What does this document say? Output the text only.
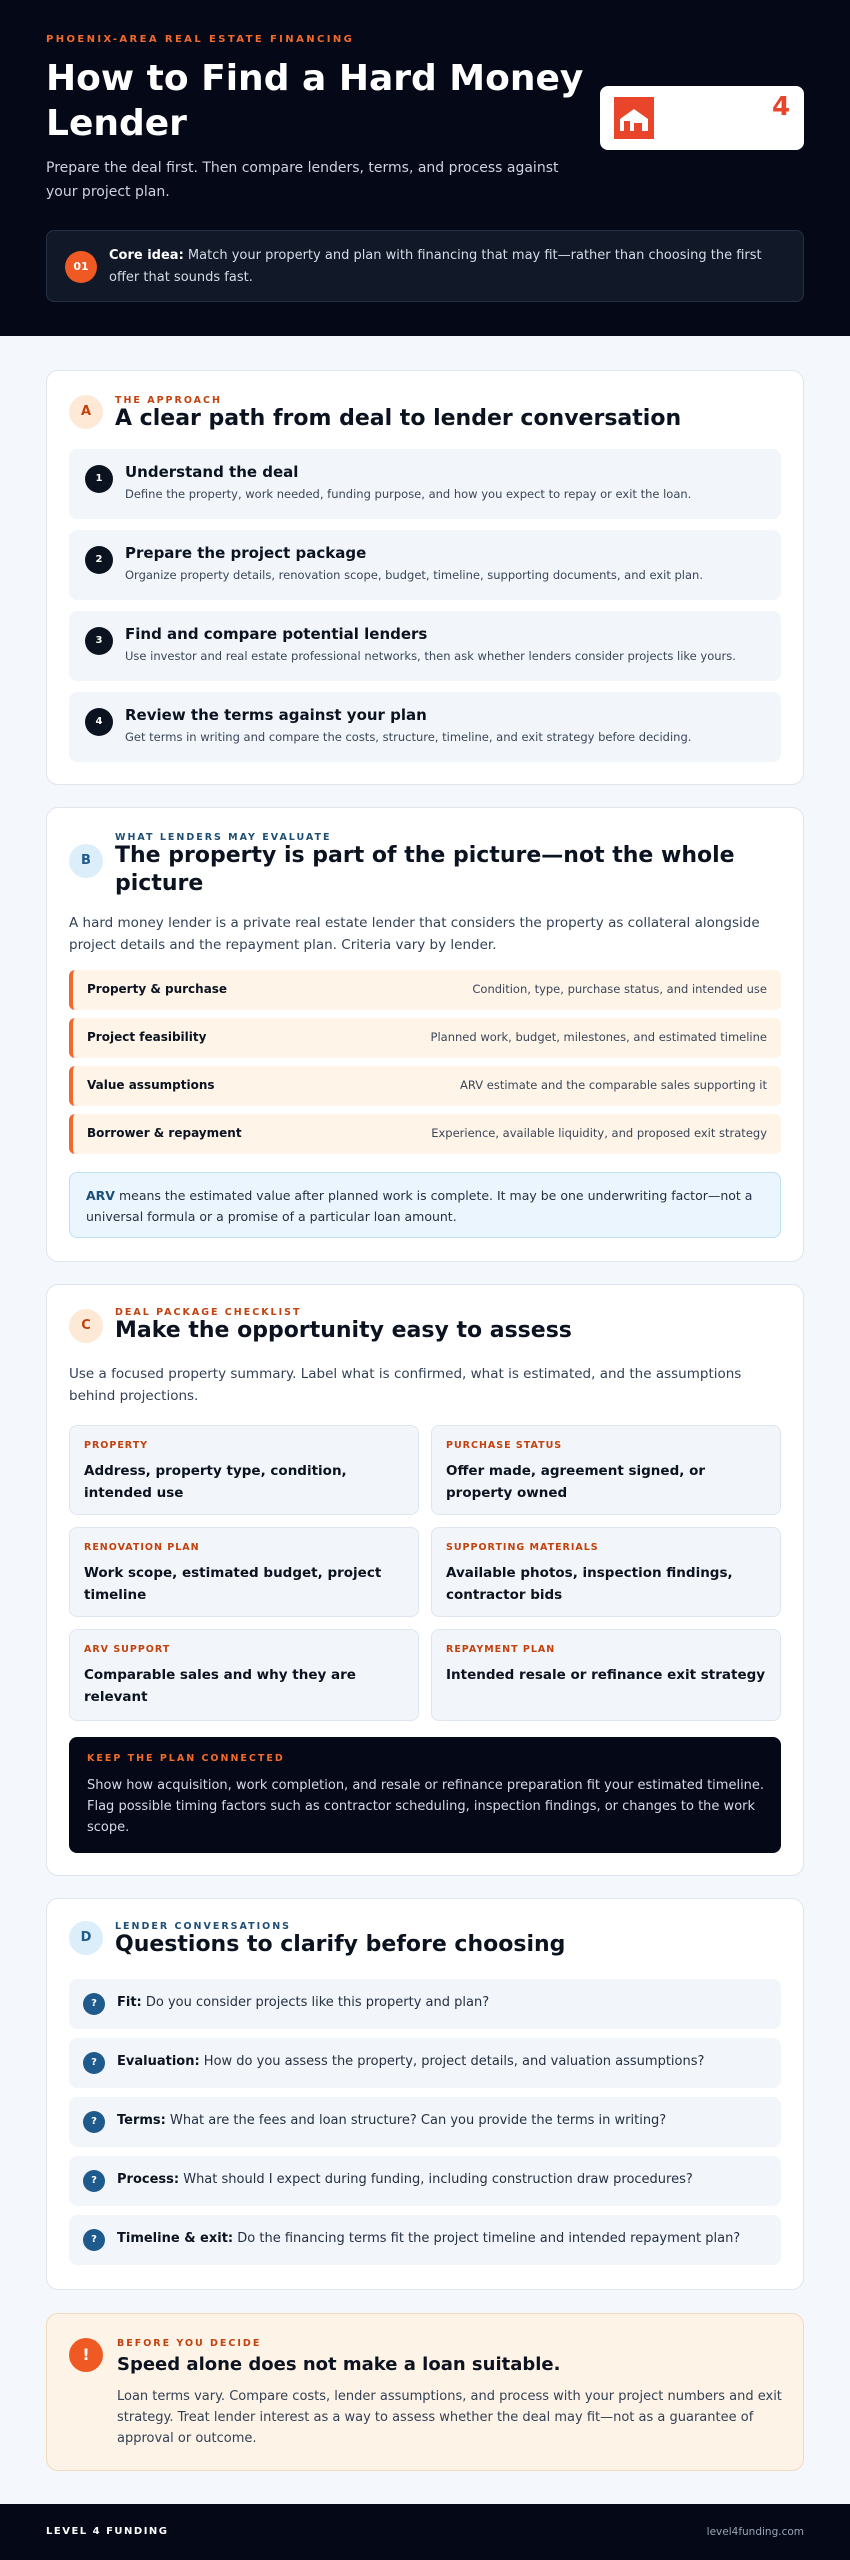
PHOENIX-AREA REAL ESTATE FINANCING
How to Find a Hard Money Lender
Prepare the deal first. Then compare lenders, terms, and process against your project plan.
4
01
Core idea: Match your property and plan with financing that may fit—rather than choosing the first offer that sounds fast.
A
THE APPROACH
A clear path from deal to lender conversation
1	Understand the deal
Define the property, work needed, funding purpose, and how you expect to repay or exit the loan.
2	Prepare the project package
Organize property details, renovation scope, budget, timeline, supporting documents, and exit plan.
3	Find and compare potential lenders
Use investor and real estate professional networks, then ask whether lenders consider projects like yours.
4	Review the terms against your plan
Get terms in writing and compare the costs, structure, timeline, and exit strategy before deciding.
B
WHAT LENDERS MAY EVALUATE
The property is part of the picture—not the whole
picture
A hard money lender is a private real estate lender that considers the property as collateral alongside project details and the repayment plan. Criteria vary by lender.
Property & purchase	Condition, type, purchase status, and intended use
Project feasibility	Planned work, budget, milestones, and estimated timeline
Value assumptions	ARV estimate and the comparable sales supporting it
Borrower & repayment	Experience, available liquidity, and proposed exit strategy
ARV means the estimated value after planned work is complete. It may be one underwriting factor—not a universal formula or a promise of a particular loan amount.
C
DEAL PACKAGE CHECKLIST
Make the opportunity easy to assess
Use a focused property summary. Label what is confirmed, what is estimated, and the assumptions behind projections.
PROPERTY
Address, property type, condition, intended use
PURCHASE STATUS
Offer made, agreement signed, or property owned
RENOVATION PLAN
Work scope, estimated budget, project timeline
SUPPORTING MATERIALS
Available photos, inspection findings, contractor bids
ARV SUPPORT
Comparable sales and why they are relevant
REPAYMENT PLAN
Intended resale or refinance exit strategy
KEEP THE PLAN CONNECTED
Show how acquisition, work completion, and resale or refinance preparation fit your estimated timeline. Flag possible timing factors such as contractor scheduling, inspection findings, or changes to the work scope.
D
LENDER CONVERSATIONS
Questions to clarify before choosing
?	Fit: Do you consider projects like this property and plan?
?	Evaluation: How do you assess the property, project details, and valuation assumptions?
?	Terms: What are the fees and loan structure? Can you provide the terms in writing?
?	Process: What should I expect during funding, including construction draw procedures?
?	Timeline & exit: Do the financing terms fit the project timeline and intended repayment plan?
!
BEFORE YOU DECIDE
Speed alone does not make a loan suitable.
Loan terms vary. Compare costs, lender assumptions, and process with your project numbers and exit strategy. Treat lender interest as a way to assess whether the deal may fit—not as a guarantee of approval or outcome.
LEVEL 4 FUNDING	level4funding.com
